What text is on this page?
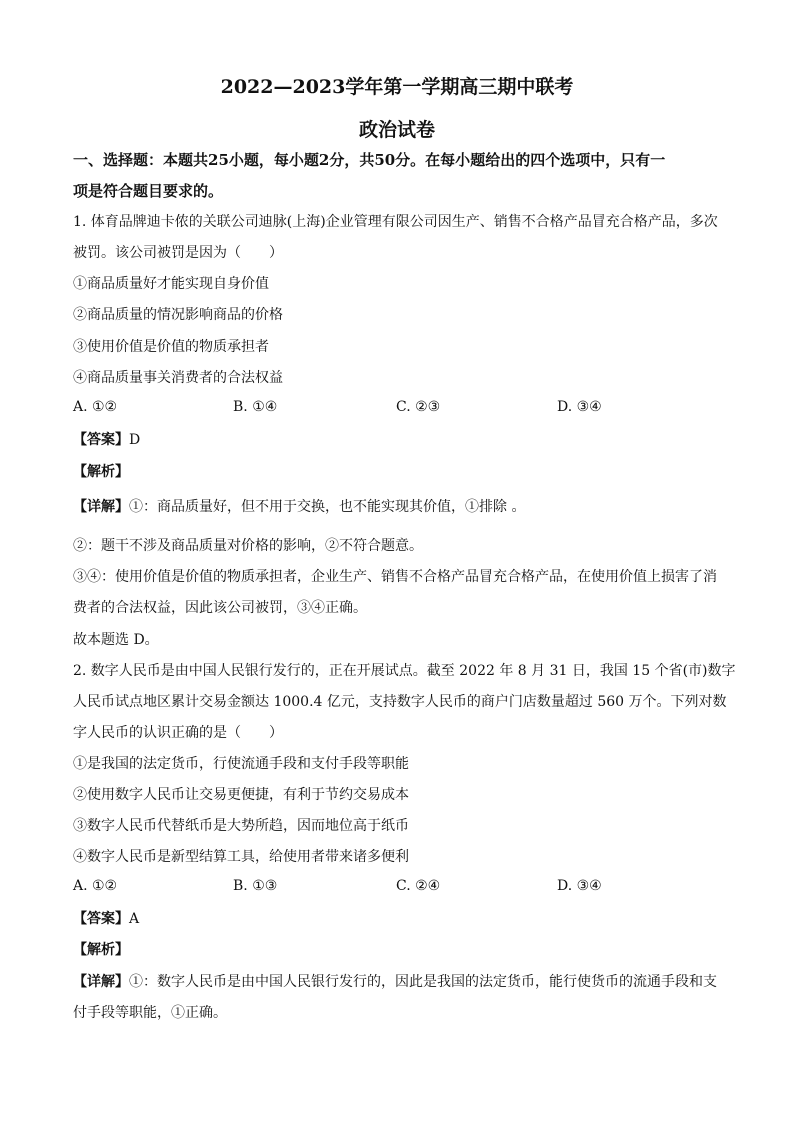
2022—2023学年第一学期高三期中联考
政治试卷
一、选择题：本题共25小题，每小题2分，共50分。在每小题给出的四个选项中，只有一
项是符合题目要求的。
1. 体育品牌迪卡侬的关联公司迪脉(上海)企业管理有限公司因生产、销售不合格产品冒充合格产品，多次
被罚。该公司被罚是因为（　　）
①商品质量好才能实现自身价值
②商品质量的情况影响商品的价格
③使用价值是价值的物质承担者
④商品质量事关消费者的合法权益
A. ①②	B. ①④	C. ②③	D. ③④
【答案】D
【解析】
【详解】①：商品质量好，但不用于交换，也不能实现其价值，①排除 。
②：题干不涉及商品质量对价格的影响，②不符合题意。
③④：使用价值是价值的物质承担者，企业生产、销售不合格产品冒充合格产品，在使用价值上损害了消
费者的合法权益，因此该公司被罚，③④正确。
故本题选 D。
2. 数字人民币是由中国人民银行发行的，正在开展试点。截至 2022 年 8 月 31 日，我国 15 个省(市)数字
人民币试点地区累计交易金额达 1000.4 亿元，支持数字人民币的商户门店数量超过 560 万个。下列对数
字人民币的认识正确的是（　　）
①是我国的法定货币，行使流通手段和支付手段等职能
②使用数字人民币让交易更便捷，有利于节约交易成本
③数字人民币代替纸币是大势所趋，因而地位高于纸币
④数字人民币是新型结算工具，给使用者带来诸多便利
A. ①②	B. ①③	C. ②④	D. ③④
【答案】A
【解析】
【详解】①：数字人民币是由中国人民银行发行的，因此是我国的法定货币，能行使货币的流通手段和支
付手段等职能，①正确。
